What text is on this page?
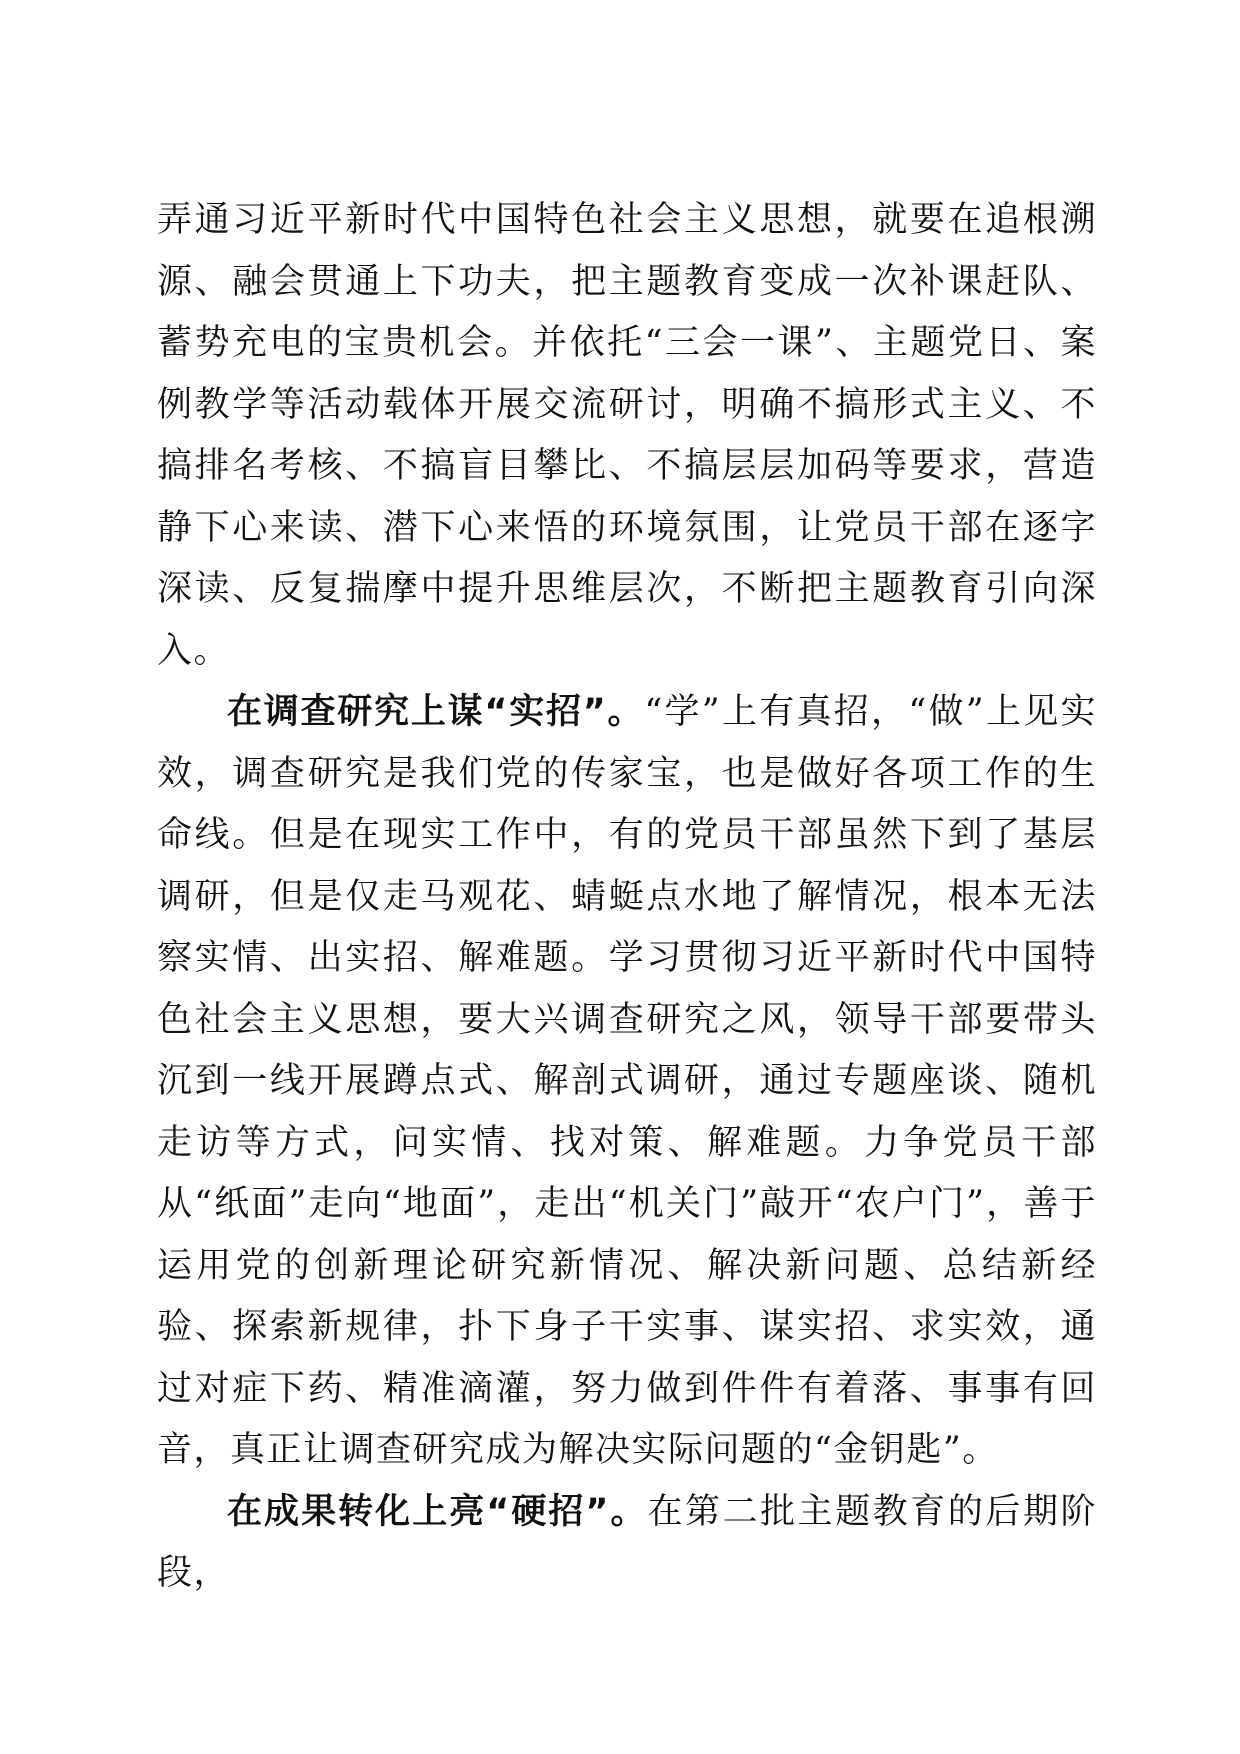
弄通习近平新时代中国特色社会主义思想，就要在追根溯源、融会贯通上下功夫，把主题教育变成一次补课赶队、蓄势充电的宝贵机会。并依托“三会一课”、主题党日、案例教学等活动载体开展交流研讨，明确不搞形式主义、不搞排名考核、不搞盲目攀比、不搞层层加码等要求，营造静下心来读、潜下心来悟的环境氛围，让党员干部在逐字深读、反复揣摩中提升思维层次，不断把主题教育引向深入。

在调查研究上谋“实招”。“学”上有真招，“做”上见实效，调查研究是我们党的传家宝，也是做好各项工作的生命线。但是在现实工作中，有的党员干部虽然下到了基层调研，但是仅走马观花、蜻蜓点水地了解情况，根本无法察实情、出实招、解难题。学习贯彻习近平新时代中国特色社会主义思想，要大兴调查研究之风，领导干部要带头沉到一线开展蹲点式、解剖式调研，通过专题座谈、随机走访等方式，问实情、找对策、解难题。力争党员干部从“纸面”走向“地面”，走出“机关门”敲开“农户门”，善于运用党的创新理论研究新情况、解决新问题、总结新经验、探索新规律，扑下身子干实事、谋实招、求实效，通过对症下药、精准滴灌，努力做到件件有着落、事事有回音，真正让调查研究成为解决实际问题的“金钥匙”。

在成果转化上亮“硬招”。在第二批主题教育的后期阶段，
